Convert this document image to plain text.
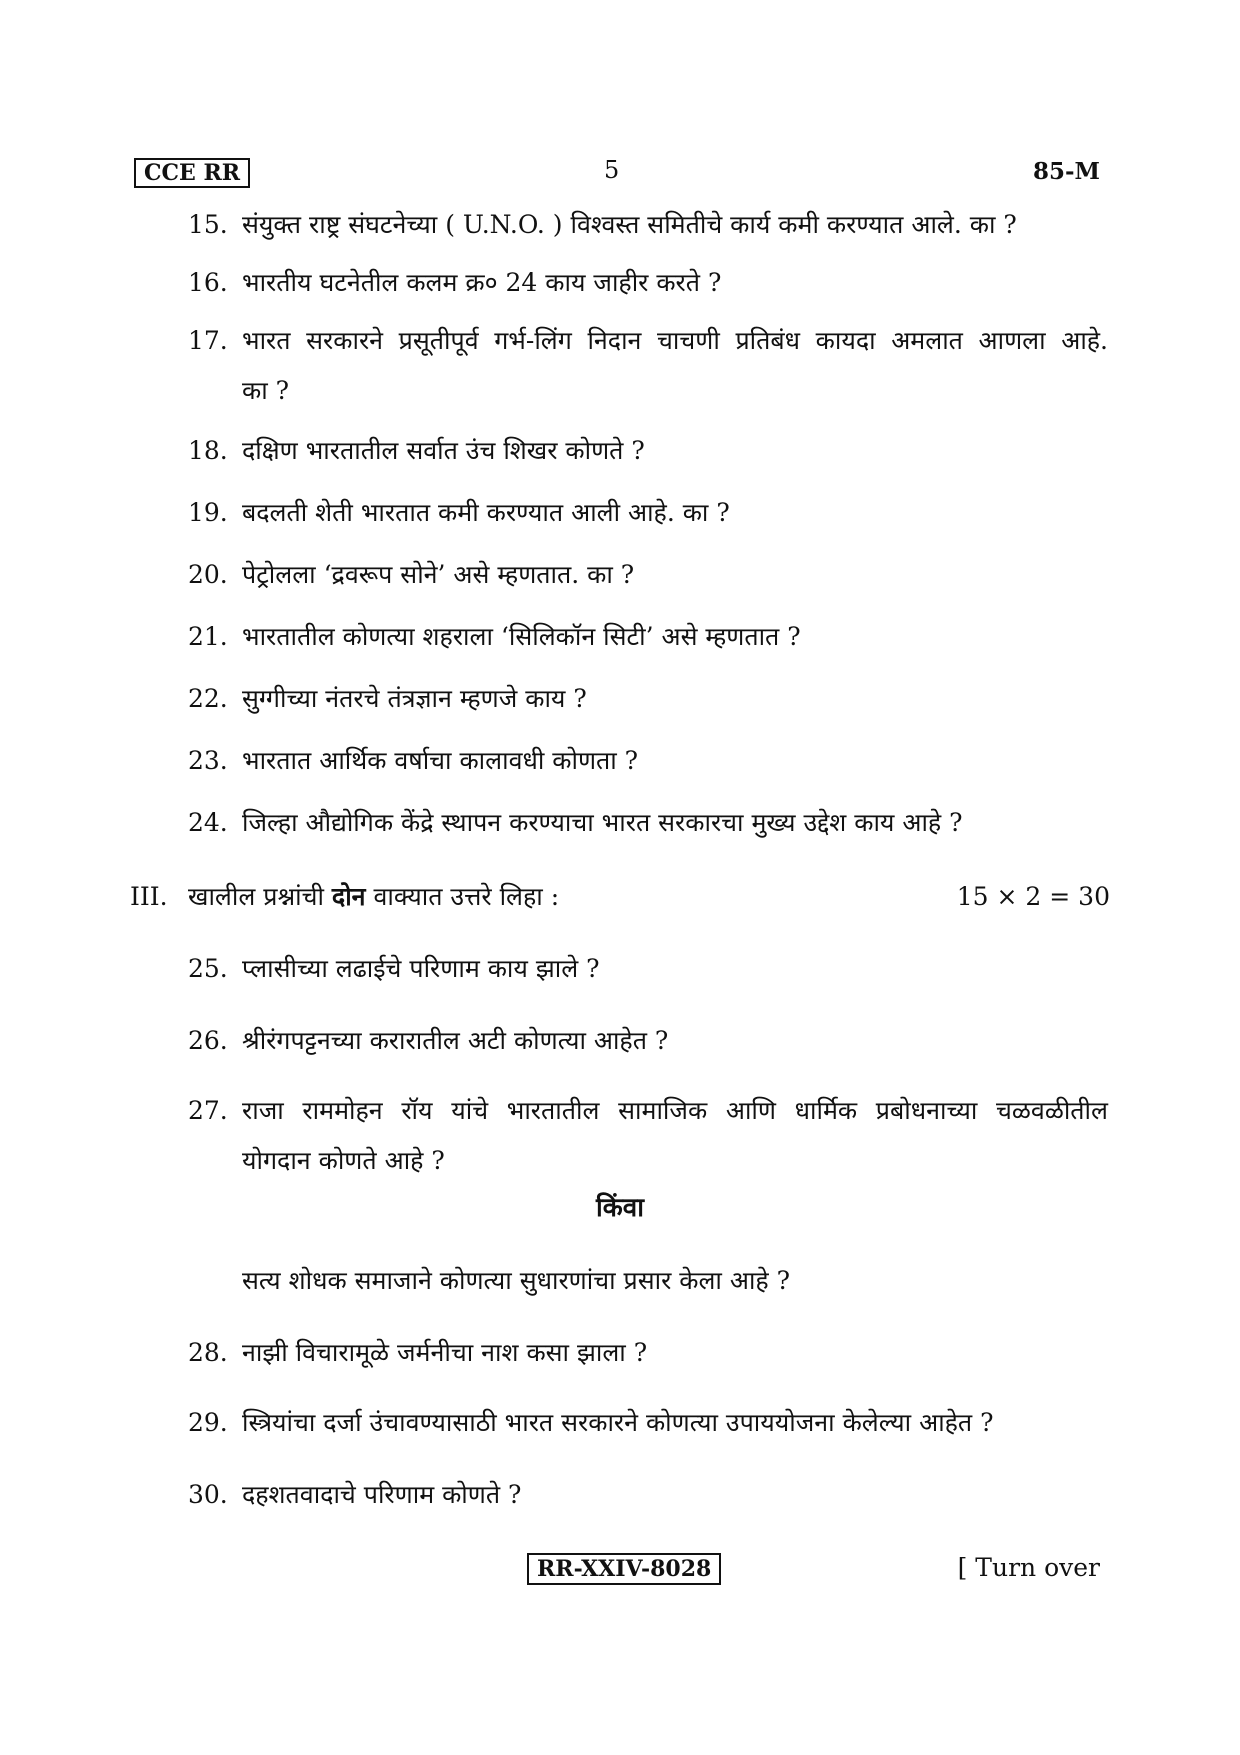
CCE RR	5	85-M
15. संयुक्त राष्ट्र संघटनेच्या ( U.N.O. ) विश्वस्त समितीचे कार्य कमी करण्यात आले. का ?
16. भारतीय घटनेतील कलम क्र० 24 काय जाहीर करते ?
17. भारत सरकारने प्रसूतीपूर्व गर्भ-लिंग निदान चाचणी प्रतिबंध कायदा अमलात आणला आहे.
का ?
18. दक्षिण भारतातील सर्वात उंच शिखर कोणते ?
19. बदलती शेती भारतात कमी करण्यात आली आहे. का ?
20. पेट्रोलला ‘द्रवरूप सोने’ असे म्हणतात. का ?
21. भारतातील कोणत्या शहराला ‘सिलिकॉन सिटी’ असे म्हणतात ?
22. सुग्गीच्या नंतरचे तंत्रज्ञान म्हणजे काय ?
23. भारतात आर्थिक वर्षाचा कालावधी कोणता ?
24. जिल्हा औद्योगिक केंद्रे स्थापन करण्याचा भारत सरकारचा मुख्य उद्देश काय आहे ?
III. खालील प्रश्नांची दोन वाक्यात उत्तरे लिहा :	15 × 2 = 30
25. प्लासीच्या लढाईचे परिणाम काय झाले ?
26. श्रीरंगपट्टनच्या करारातील अटी कोणत्या आहेत ?
27. राजा राममोहन रॉय यांचे भारतातील सामाजिक आणि धार्मिक प्रबोधनाच्या चळवळीतील
योगदान कोणते आहे ?
किंवा
सत्य शोधक समाजाने कोणत्या सुधारणांचा प्रसार केला आहे ?
28. नाझी विचारामूळे जर्मनीचा नाश कसा झाला ?
29. स्त्रियांचा दर्जा उंचावण्यासाठी भारत सरकारने कोणत्या उपाययोजना केलेल्या आहेत ?
30. दहशतवादाचे परिणाम कोणते ?
RR-XXIV-8028	[ Turn over
